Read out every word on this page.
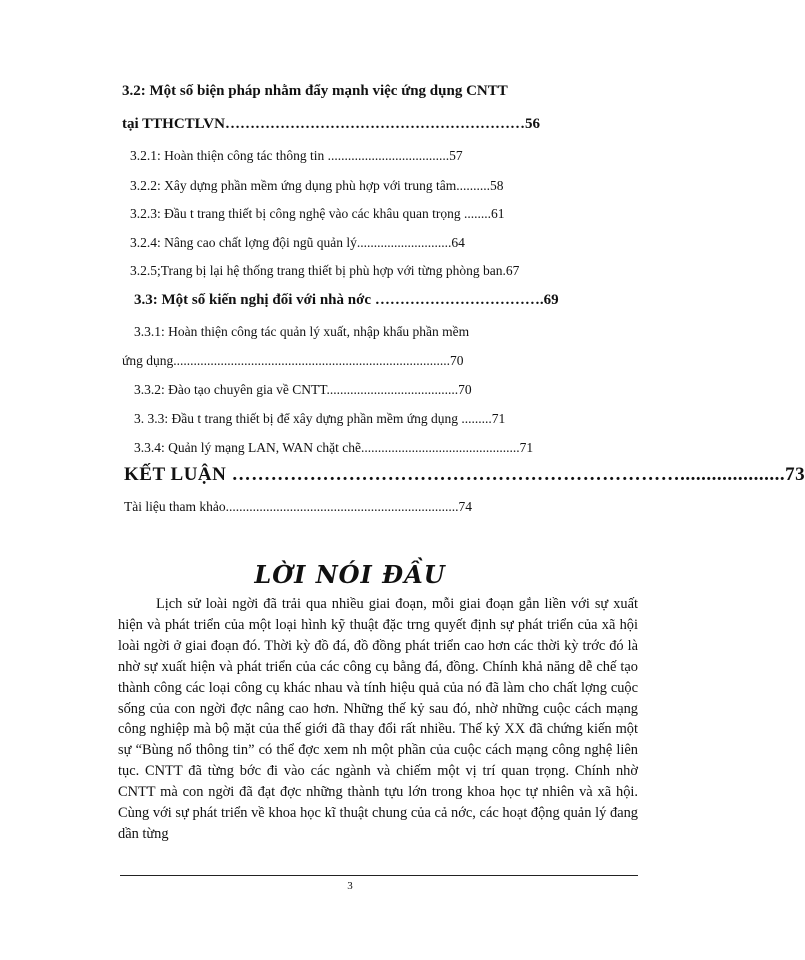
3.2: Một số biện pháp nhằm đẩy mạnh việc ứng dụng CNTT
tại TTHCTLVN……………………………………………………56
3.2.1: Hoàn thiện công tác thông tin ....................................57
3.2.2: Xây dựng phần mềm ứng dụng phù hợp với trung tâm..........58
3.2.3: Đầu t trang thiết bị công nghệ vào các khâu quan trọng ........61
3.2.4: Nâng cao chất lợng đội ngũ quản lý............................64
3.2.5;Trang bị lại hệ thống trang thiết bị phù hợp với từng phòng ban.67
3.3: Một số kiến nghị đối với nhà nớc …………………………….69
3.3.1: Hoàn thiện công tác quản lý xuất, nhập khẩu phần mềm
ứng dụng..................................................................................70
3.3.2: Đào tạo chuyên gia về CNTT.......................................70
3. 3.3: Đầu t trang thiết bị để xây dựng phần mềm ứng dụng .........71
3.3.4: Quản lý mạng LAN, WAN chặt chẽ...............................................71
KẾT LUẬN ……………………………………………………………....................73
Tài liệu tham khảo.....................................................................74
LỜI NÓI ĐẦU

Lịch sử loài ngời đã trải qua nhiều giai đoạn, mỗi giai đoạn gắn liền với sự xuất hiện và phát triển của một loại hình kỹ thuật đặc trng quyết định sự phát triển của xã hội loài ngời ở giai đoạn đó. Thời kỳ đồ đá, đồ đồng phát triển cao hơn các thời kỳ trớc đó là nhờ sự xuất hiện và phát triển của các công cụ bằng đá, đồng. Chính khả năng dễ chế tạo thành công các loại công cụ khác nhau và tính hiệu quả của nó đã làm cho chất lợng cuộc sống của con ngời đợc nâng cao hơn. Những thế kỷ sau đó, nhờ những cuộc cách mạng công nghiệp mà bộ mặt của thế giới đã thay đổi rất nhiều. Thế kỷ XX đã chứng kiến một sự “Bùng nổ thông tin” có thể đợc xem nh một phần của cuộc cách mạng công nghệ liên tục. CNTT đã từng bớc đi vào các ngành và chiếm một vị trí quan trọng. Chính nhờ CNTT mà con ngời đã đạt đợc những thành tựu lớn trong khoa học tự nhiên và xã hội. Cùng với sự phát triển về khoa học kĩ thuật chung của cả nớc, các hoạt động quản lý đang dần từng

3
